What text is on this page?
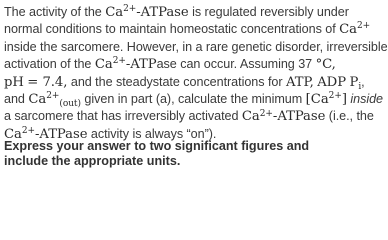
The activity of the $Ca^{2+}$-ATPase is regulated reversibly under
normal conditions to maintain homeostatic concentrations of $Ca^{2+}$
inside the sarcomere. However, in a rare genetic disorder, irreversible
activation of the $Ca^{2+}$-ATPase can occur. Assuming 37 °C,
pH = 7.4, and the steadystate concentrations for ATP, ADP $P_i$,
and $Ca^{2+}_{(out)}$ given in part (a), calculate the minimum $[Ca^{2+}]$ inside
a sarcomere that has irreversibly activated $Ca^{2+}$-ATPase (i.e., the
$Ca^{2+}$-ATPase activity is always “on”).
Express your answer to two significant figures and include the appropriate units.
